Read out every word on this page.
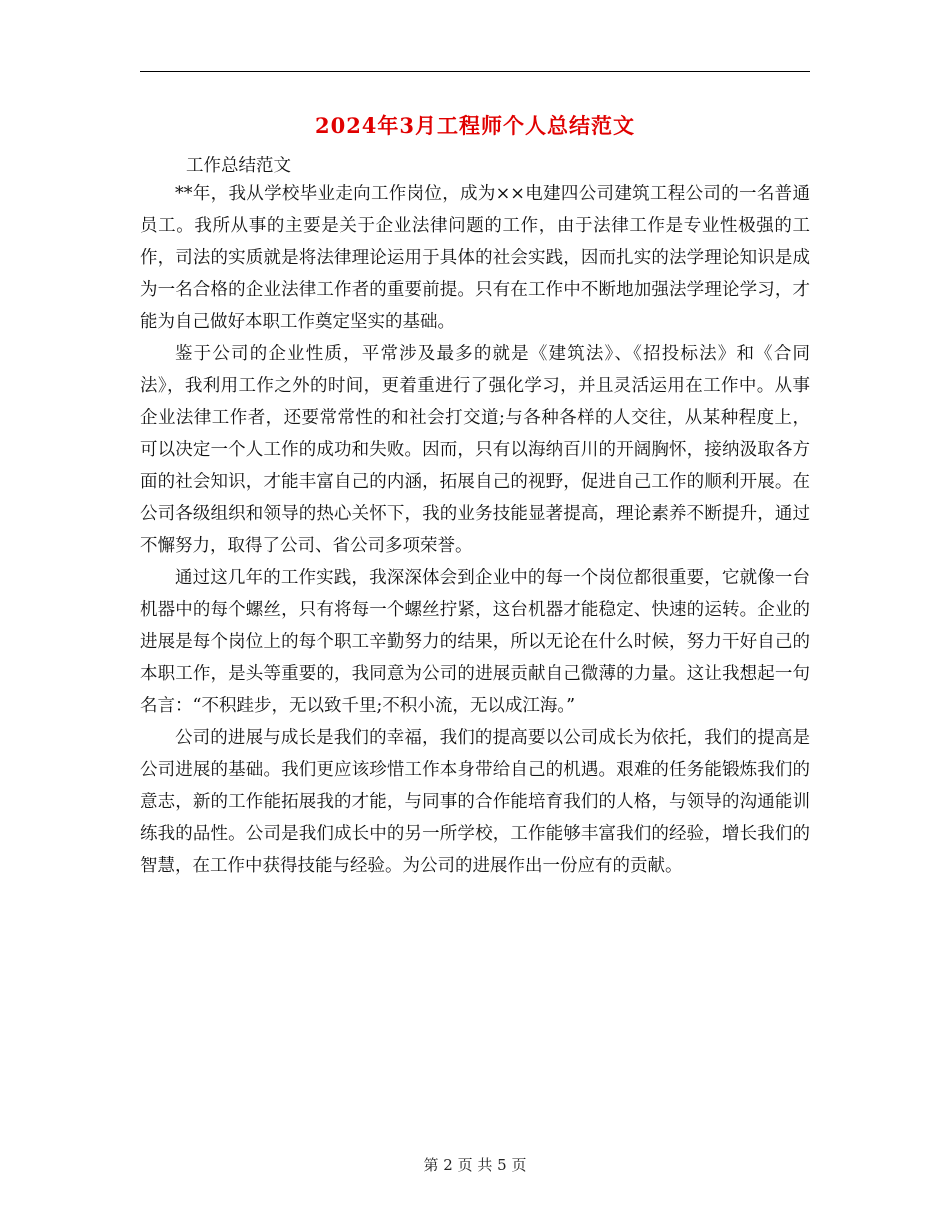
2024年3月工程师个人总结范文
工作总结范文

**年，我从学校毕业走向工作岗位，成为××电建四公司建筑工程公司的一名普通员工。我所从事的主要是关于企业法律问题的工作，由于法律工作是专业性极强的工作，司法的实质就是将法律理论运用于具体的社会实践，因而扎实的法学理论知识是成为一名合格的企业法律工作者的重要前提。只有在工作中不断地加强法学理论学习，才能为自己做好本职工作奠定坚实的基础。

鉴于公司的企业性质，平常涉及最多的就是《建筑法》、《招投标法》和《合同法》，我利用工作之外的时间，更着重进行了强化学习，并且灵活运用在工作中。从事企业法律工作者，还要常常性的和社会打交道;与各种各样的人交往，从某种程度上，可以决定一个人工作的成功和失败。因而，只有以海纳百川的开阔胸怀，接纳汲取各方面的社会知识，才能丰富自己的内涵，拓展自己的视野，促进自己工作的顺利开展。在公司各级组织和领导的热心关怀下，我的业务技能显著提高，理论素养不断提升，通过不懈努力，取得了公司、省公司多项荣誉。

通过这几年的工作实践，我深深体会到企业中的每一个岗位都很重要，它就像一台机器中的每个螺丝，只有将每一个螺丝拧紧，这台机器才能稳定、快速的运转。企业的进展是每个岗位上的每个职工辛勤努力的结果，所以无论在什么时候，努力干好自己的本职工作，是头等重要的，我同意为公司的进展贡献自己微薄的力量。这让我想起一句名言：“不积跬步，无以致千里;不积小流，无以成江海。”

公司的进展与成长是我们的幸福，我们的提高要以公司成长为依托，我们的提高是公司进展的基础。我们更应该珍惜工作本身带给自己的机遇。艰难的任务能锻炼我们的意志，新的工作能拓展我的才能，与同事的合作能培育我们的人格，与领导的沟通能训练我的品性。公司是我们成长中的另一所学校，工作能够丰富我们的经验，增长我们的智慧，在工作中获得技能与经验。为公司的进展作出一份应有的贡献。

第 2 页 共 5 页
